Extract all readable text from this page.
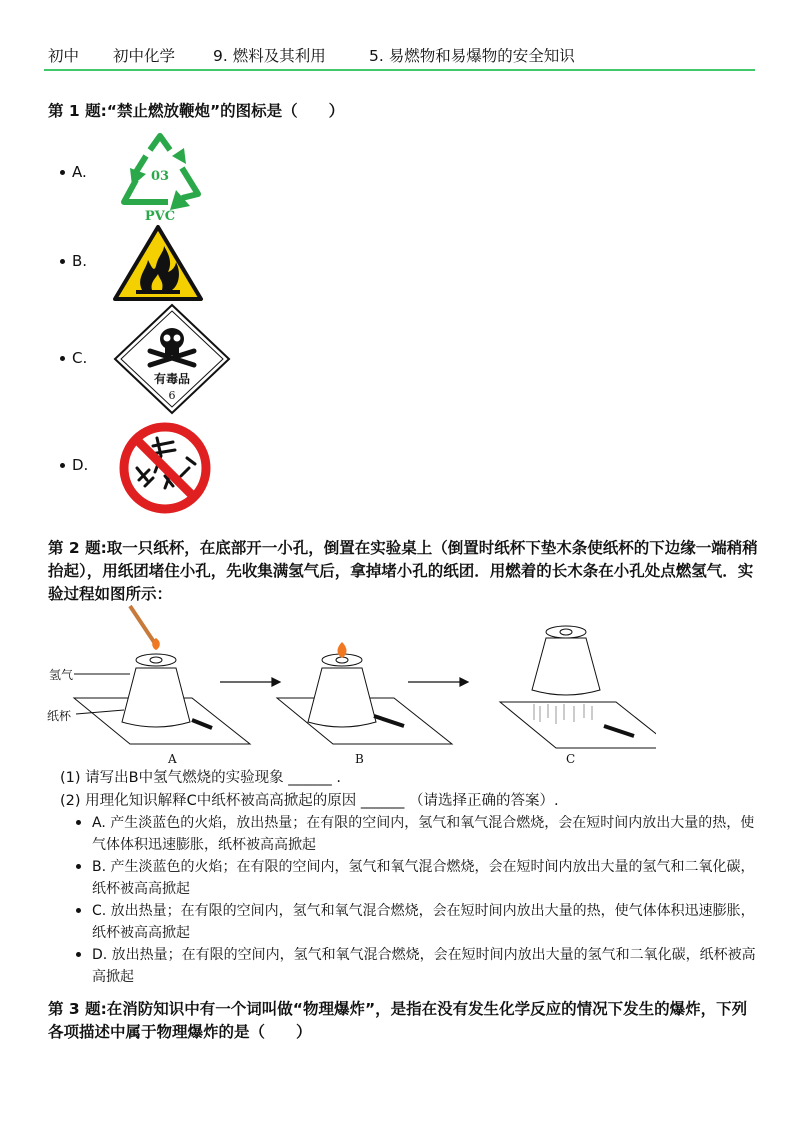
初中 初中化学 9. 燃料及其利用	5. 易燃物和易爆物的安全知识
第 1 题:“禁止燃放鞭炮”的图标是（　　）
A.	03
PVC
B.
C.
有毒品
6
D.
第 2 题:取一只纸杯，在底部开一小孔，倒置在实验桌上（倒置时纸杯下垫木条使纸杯的下边缘一端稍稍抬起），用纸团堵住小孔，先收集满氢气后，拿掉堵小孔的纸团．用燃着的长木条在小孔处点燃氢气．实验过程如图所示：
氢气
纸杯
A	B	C
(1) 请写出B中氢气燃烧的实验现象 ______ .
(2) 用理化知识解释C中纸杯被高高掀起的原因 ______ （请选择正确的答案）.
A. 产生淡蓝色的火焰，放出热量；在有限的空间内，氢气和氧气混合燃烧，会在短时间内放出大量的热，使气体体积迅速膨胀，纸杯被高高掀起
B. 产生淡蓝色的火焰；在有限的空间内，氢气和氧气混合燃烧，会在短时间内放出大量的氢气和二氧化碳，纸杯被高高掀起
C. 放出热量；在有限的空间内，氢气和氧气混合燃烧，会在短时间内放出大量的热，使气体体积迅速膨胀，纸杯被高高掀起
D. 放出热量；在有限的空间内，氢气和氧气混合燃烧，会在短时间内放出大量的氢气和二氧化碳，纸杯被高高掀起
第 3 题:在消防知识中有一个词叫做“物理爆炸”，是指在没有发生化学反应的情况下发生的爆炸，下列各项描述中属于物理爆炸的是（　　）
